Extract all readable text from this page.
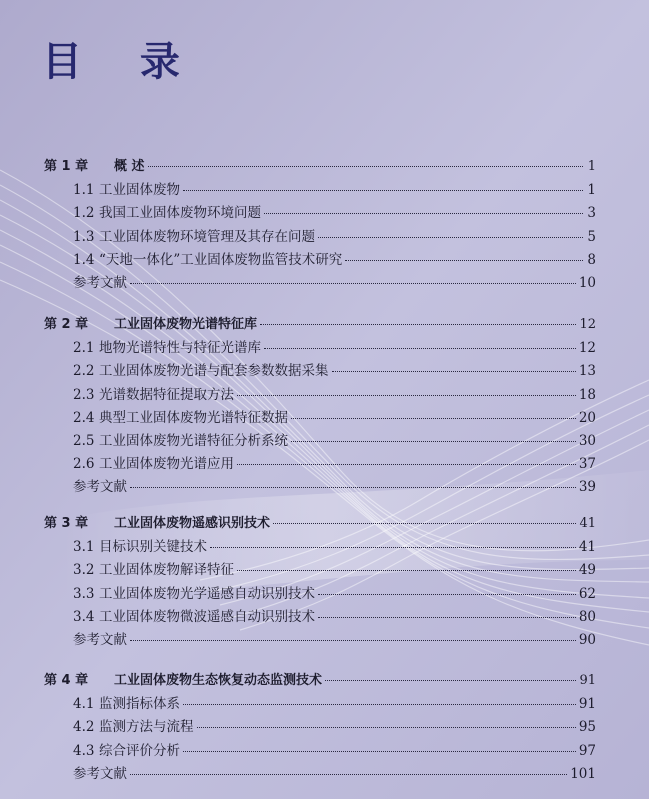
目 录
第 1 章	概 述	1
1.1 工业固体废物	1
1.2 我国工业固体废物环境问题	3
1.3 工业固体废物环境管理及其存在问题	5
1.4 “天地一体化”工业固体废物监管技术研究	8
参考文献	10
第 2 章	工业固体废物光谱特征库	12
2.1 地物光谱特性与特征光谱库	12
2.2 工业固体废物光谱与配套参数数据采集	13
2.3 光谱数据特征提取方法	18
2.4 典型工业固体废物光谱特征数据	20
2.5 工业固体废物光谱特征分析系统	30
2.6 工业固体废物光谱应用	37
参考文献	39
第 3 章	工业固体废物遥感识别技术	41
3.1 目标识别关键技术	41
3.2 工业固体废物解译特征	49
3.3 工业固体废物光学遥感自动识别技术	62
3.4 工业固体废物微波遥感自动识别技术	80
参考文献	90
第 4 章	工业固体废物生态恢复动态监测技术	91
4.1 监测指标体系	91
4.2 监测方法与流程	95
4.3 综合评价分析	97
参考文献	101
